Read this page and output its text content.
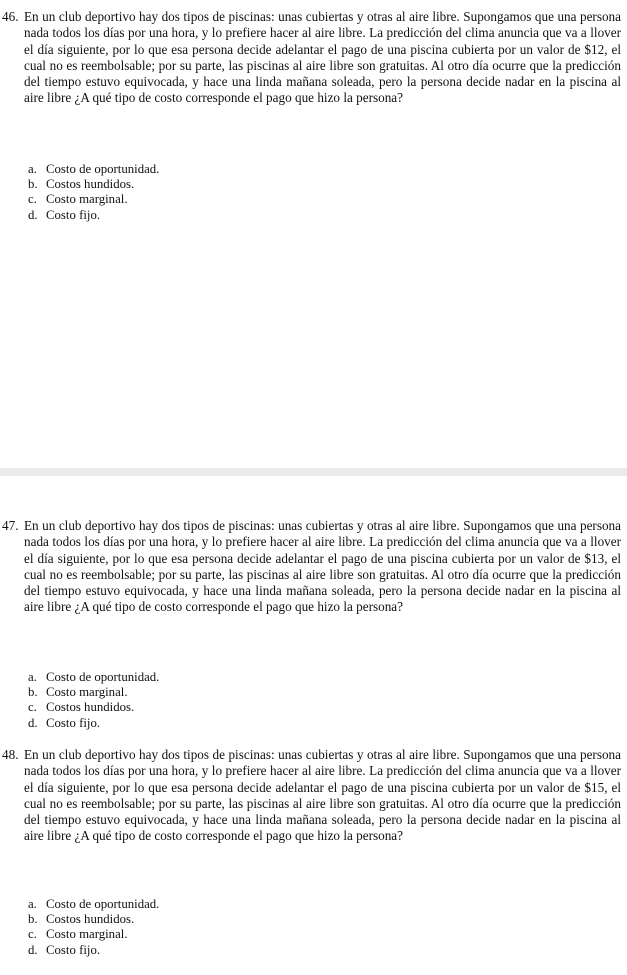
46. En un club deportivo hay dos tipos de piscinas: unas cubiertas y otras al aire libre. Supongamos que una persona nada todos los días por una hora, y lo prefiere hacer al aire libre. La predicción del clima anuncia que va a llover el día siguiente, por lo que esa persona decide adelantar el pago de una piscina cubierta por un valor de $12, el cual no es reembolsable; por su parte, las piscinas al aire libre son gratuitas. Al otro día ocurre que la predicción del tiempo estuvo equivocada, y hace una linda mañana soleada, pero la persona decide nadar en la piscina al aire libre ¿A qué tipo de costo corresponde el pago que hizo la persona?

a. Costo de oportunidad.
b. Costos hundidos.
c. Costo marginal.
d. Costo fijo.

47. En un club deportivo hay dos tipos de piscinas: unas cubiertas y otras al aire libre. Supongamos que una persona nada todos los días por una hora, y lo prefiere hacer al aire libre. La predicción del clima anuncia que va a llover el día siguiente, por lo que esa persona decide adelantar el pago de una piscina cubierta por un valor de $13, el cual no es reembolsable; por su parte, las piscinas al aire libre son gratuitas. Al otro día ocurre que la predicción del tiempo estuvo equivocada, y hace una linda mañana soleada, pero la persona decide nadar en la piscina al aire libre ¿A qué tipo de costo corresponde el pago que hizo la persona?

a. Costo de oportunidad.
b. Costo marginal.
c. Costos hundidos.
d. Costo fijo.

48. En un club deportivo hay dos tipos de piscinas: unas cubiertas y otras al aire libre. Supongamos que una persona nada todos los días por una hora, y lo prefiere hacer al aire libre. La predicción del clima anuncia que va a llover el día siguiente, por lo que esa persona decide adelantar el pago de una piscina cubierta por un valor de $15, el cual no es reembolsable; por su parte, las piscinas al aire libre son gratuitas. Al otro día ocurre que la predicción del tiempo estuvo equivocada, y hace una linda mañana soleada, pero la persona decide nadar en la piscina al aire libre ¿A qué tipo de costo corresponde el pago que hizo la persona?

a. Costo de oportunidad.
b. Costos hundidos.
c. Costo marginal.
d. Costo fijo.
